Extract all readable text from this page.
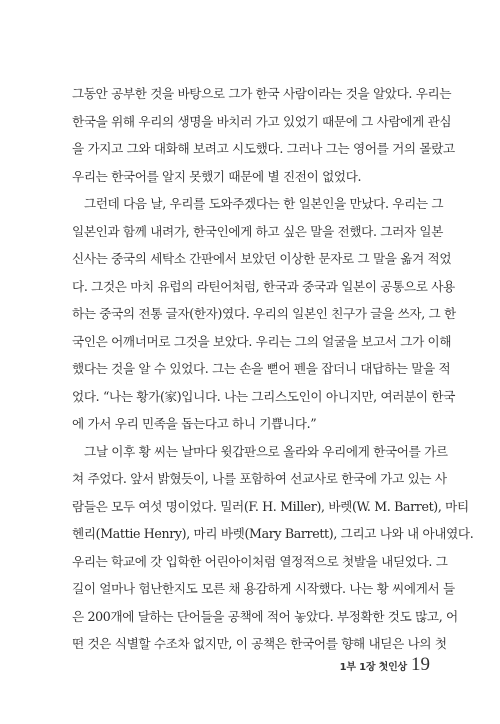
그동안 공부한 것을 바탕으로 그가 한국 사람이라는 것을 알았다. 우리는
한국을 위해 우리의 생명을 바치러 가고 있었기 때문에 그 사람에게 관심
을 가지고 그와 대화해 보려고 시도했다. 그러나 그는 영어를 거의 몰랐고
우리는 한국어를 알지 못했기 때문에 별 진전이 없었다.
그런데 다음 날, 우리를 도와주겠다는 한 일본인을 만났다. 우리는 그
일본인과 함께 내려가, 한국인에게 하고 싶은 말을 전했다. 그러자 일본
신사는 중국의 세탁소 간판에서 보았던 이상한 문자로 그 말을 옮겨 적었
다. 그것은 마치 유럽의 라틴어처럼, 한국과 중국과 일본이 공통으로 사용
하는 중국의 전통 글자(한자)였다. 우리의 일본인 친구가 글을 쓰자, 그 한
국인은 어깨너머로 그것을 보았다. 우리는 그의 얼굴을 보고서 그가 이해
했다는 것을 알 수 있었다. 그는 손을 뻗어 펜을 잡더니 대답하는 말을 적
었다. “나는 황가(家)입니다. 나는 그리스도인이 아니지만, 여러분이 한국
에 가서 우리 민족을 돕는다고 하니 기쁩니다.”
그날 이후 황 씨는 날마다 윗갑판으로 올라와 우리에게 한국어를 가르
쳐 주었다. 앞서 밝혔듯이, 나를 포함하여 선교사로 한국에 가고 있는 사
람들은 모두 여섯 명이었다. 밀러(F. H. Miller), 바렛(W. M. Barret), 마티
헨리(Mattie Henry), 마리 바렛(Mary Barrett), 그리고 나와 내 아내였다.
우리는 학교에 갓 입학한 어린아이처럼 열정적으로 첫발을 내딛었다. 그
길이 얼마나 험난한지도 모른 채 용감하게 시작했다. 나는 황 씨에게서 들
은 200개에 달하는 단어들을 공책에 적어 놓았다. 부정확한 것도 많고, 어
떤 것은 식별할 수조차 없지만, 이 공책은 한국어를 향해 내딛은 나의 첫
1부 1장 첫인상 19
